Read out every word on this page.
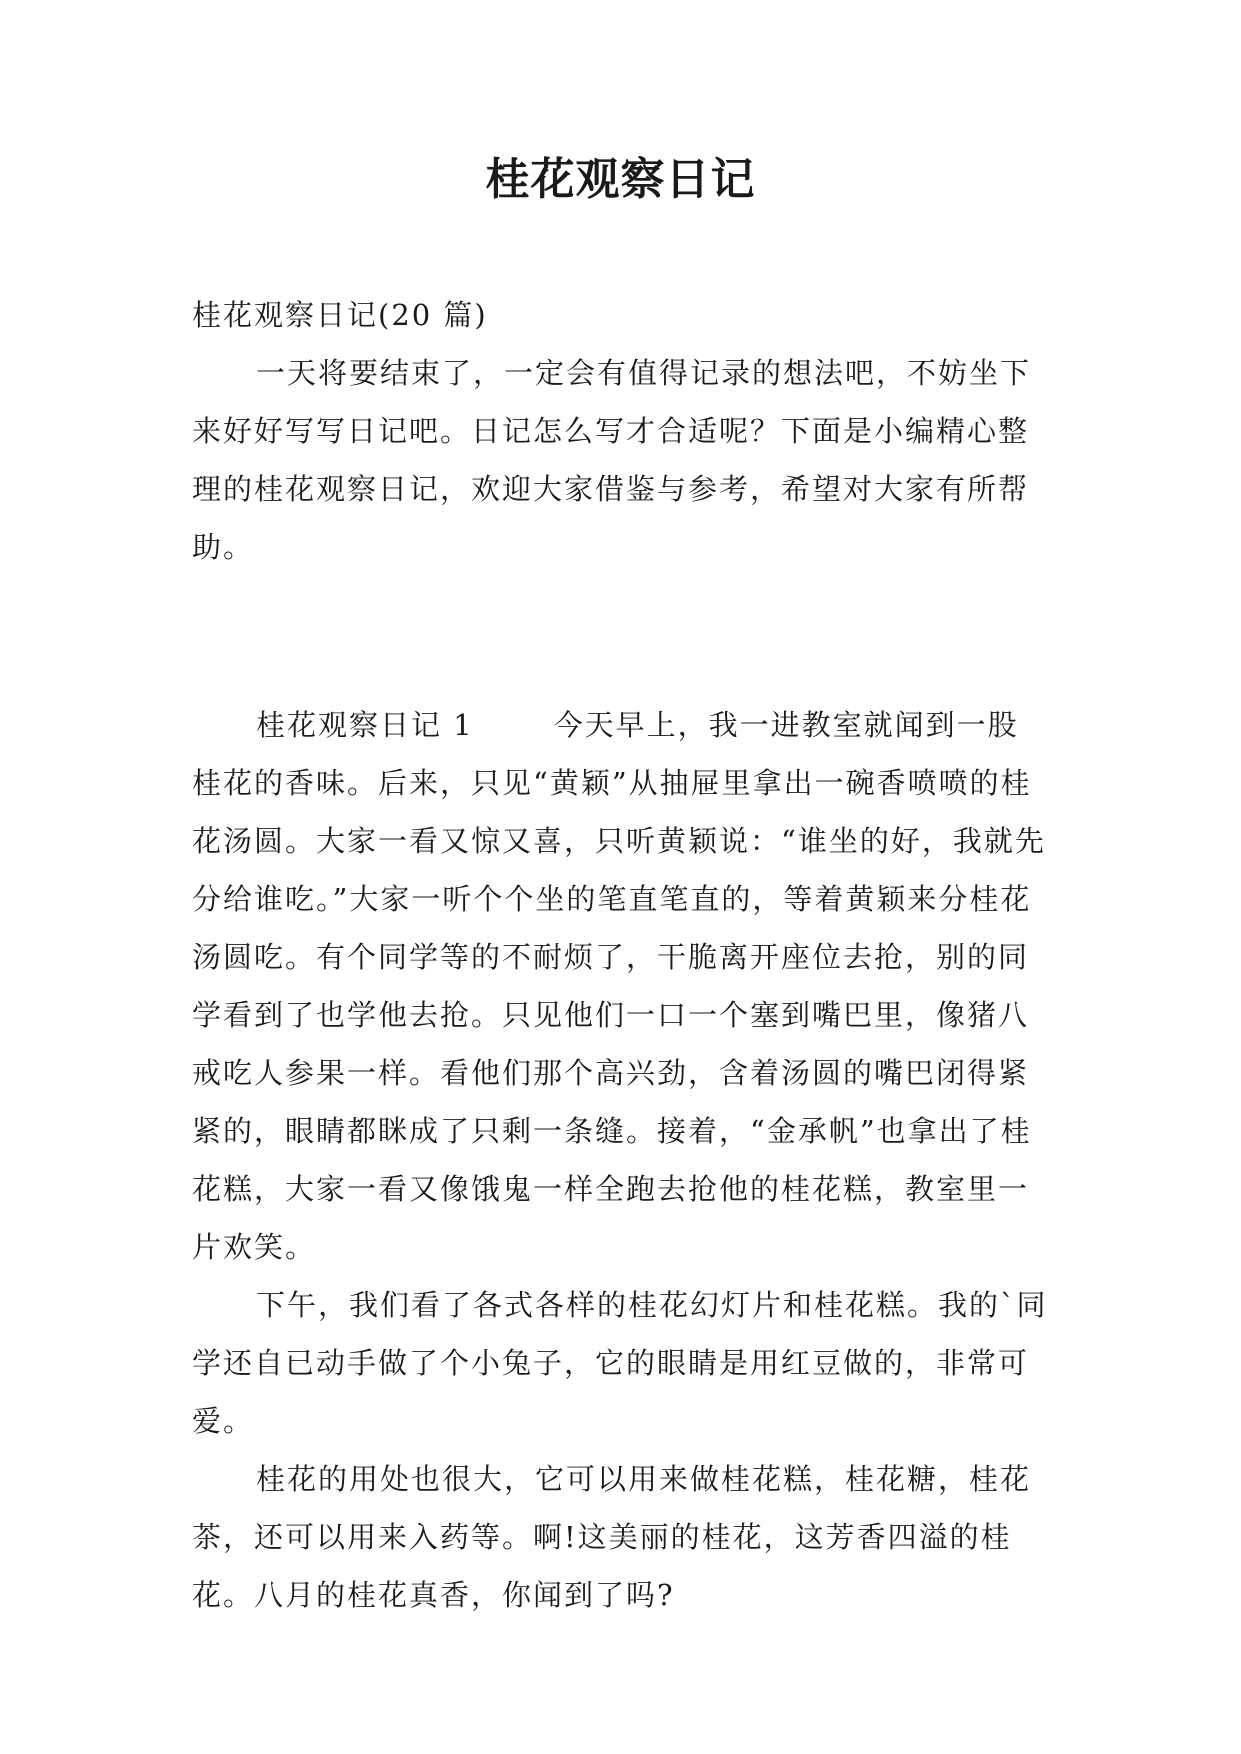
桂花观察日记

桂花观察日记(20 篇)

一天将要结束了，一定会有值得记录的想法吧，不妨坐下来好好写写日记吧。日记怎么写才合适呢？下面是小编精心整理的桂花观察日记，欢迎大家借鉴与参考，希望对大家有所帮助。

桂花观察日记 1	今天早上，我一进教室就闻到一股桂花的香味。后来，只见“黄颖”从抽屉里拿出一碗香喷喷的桂花汤圆。大家一看又惊又喜，只听黄颖说：“谁坐的好，我就先分给谁吃。”大家一听个个坐的笔直笔直的，等着黄颖来分桂花汤圆吃。有个同学等的不耐烦了，干脆离开座位去抢，别的同学看到了也学他去抢。只见他们一口一个塞到嘴巴里，像猪八戒吃人参果一样。看他们那个高兴劲，含着汤圆的嘴巴闭得紧紧的，眼睛都眯成了只剩一条缝。接着，“金承帆”也拿出了桂花糕，大家一看又像饿鬼一样全跑去抢他的桂花糕，教室里一片欢笑。

下午，我们看了各式各样的桂花幻灯片和桂花糕。我的`同学还自已动手做了个小兔子，它的眼睛是用红豆做的，非常可爱。

桂花的用处也很大，它可以用来做桂花糕，桂花糖，桂花茶，还可以用来入药等。啊!这美丽的桂花，这芳香四溢的桂花。八月的桂花真香，你闻到了吗?
